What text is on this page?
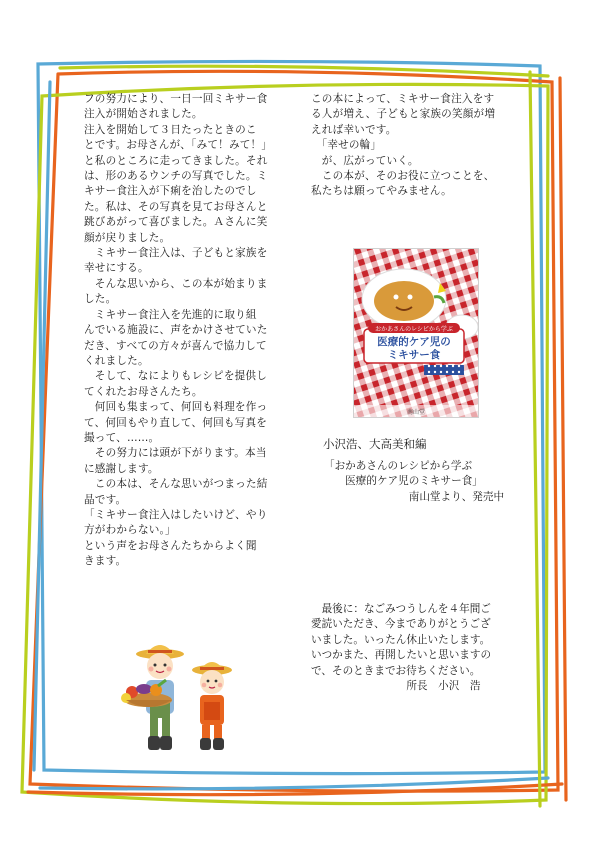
フの努力により、一日一回ミキサー食

注入が開始されました。

注入を開始して３日たったときのこ

とです。お母さんが、「みて！みて！」

と私のところに走ってきました。それ

は、形のあるウンチの写真でした。ミ

キサー食注入が下痢を治したのでし

た。私は、その写真を見てお母さんと

跳びあがって喜びました。Ａさんに笑

顔が戻りました。

　ミキサー食注入は、子どもと家族を

幸せにする。

　そんな思いから、この本が始まりま

した。

　ミキサー食注入を先進的に取り組

んでいる施設に、声をかけさせていた

だき、すべての方々が喜んで協力して

くれました。

　そして、なによりもレシピを提供し

てくれたお母さんたち。

　何回も集まって、何回も料理を作っ

て、何回もやり直して、何回も写真を

撮って、……。

　その努力には頭が下がります。本当

に感謝します。

　この本は、そんな思いがつまった結

晶です。

「ミキサー食注入はしたいけど、やり

方がわからない。」

という声をお母さんたちからよく聞

きます。

この本によって、ミキサー食注入をす

る人が増え、子どもと家族の笑顔が増

えれば幸いです。

　「幸せの輪」

　が、広がっていく。

　この本が、そのお役に立つことを、

私たちは願ってやみません。

おかあさんのレシピから学ぶ
医療的ケア児の
ミキサー食
南山堂
小沢浩、大高美和編

「おかあさんのレシピから学ぶ

　　医療的ケア児のミキサー食」

　　　　　　　　南山堂より、発売中

　最後に：なごみつうしんを４年間ご

愛読いただき、今までありがとうござ

いました。いったん休止いたします。

いつかまた、再開したいと思いますの

で、そのときまでお待ちください。

　　　　　　　　　所長　小沢　浩
